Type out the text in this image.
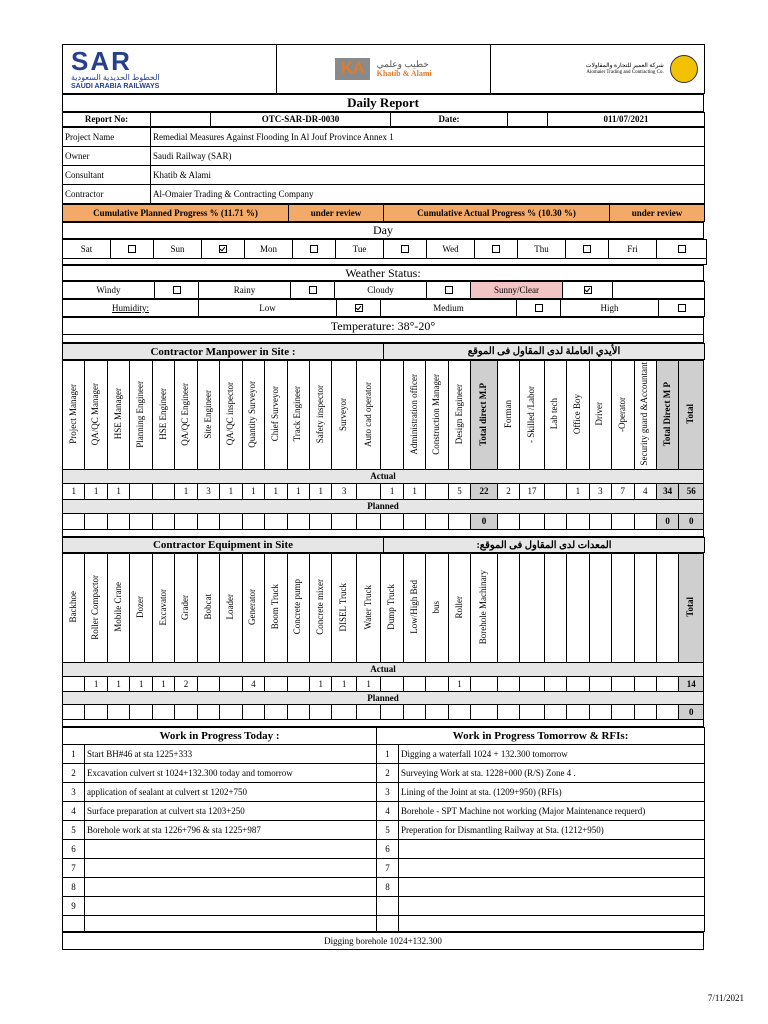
SAR
الخطوط الحديدية السعودية
SAUDI ARABIA RAILWAYS
	KA خطيب وعلمي
Khatib & Alami

شركة العمير للتجارة والمقاولات
Alomaier Trading and Contracting Co.

Daily Report
Report No:		OTC-SAR-DR-0030	Date:		011/07/2021
Project Name	Remedial Measures Against Flooding In Al Jouf Province Annex 1
Owner	Saudi Railway (SAR)
Consultant	Khatib & Alami
Contractor	Al-Omaier Trading & Contracting Company
Cumulative Planned Progress % (11.71 %)	under review	Cumulative Actual Progress % (10.30 %)	under review
Day
Sat		Sun		Mon		Tue		Wed		Thu		Fri	

Weather Status:
Windy		Rainy		Cloudy		Sunny/Clear		
Humidity:	Low		Medium		High	
Temperature: 38°-20°

Contractor Manpower in Site :	الأيدي العاملة لدى المقاول فى الموقع
Project Manager	QA/QC Manager	HSE Manager	Planning Engineer	HSE Engineer	QA/QC Engineer	Site Engineer	QA/QC inspector	Quantity Surveyor	Chief Surveyor	Track Engineer	Safety inspector	Surveyor	Auto cad operator		Administration officer	Construction Manager	Design Engineer	Total direct M.P	Forman	- Skilled /Labor	Lab tech	Office Boy	Driver	-Operator	Security guard &Accountant	Total Direct M P	Total
Actual																											
1	1	1			1	3	1	1	1	1	1	3		1	1		5	22	2	17		1	3	7	4	34	56
Planned																											
																		0								0	0

Contractor Equipment in Site	المعدات لدى المقاول فى الموقع:
Backhoe	Roller Compactor	Mobile Crane	Dozer	Excavator	Grader	Bobcat	Loader	Generator	Boom Truck	Concrete pump	Concrete mixer	DISEL Truck	Water Truck	Dump Truck	Low/High Bed	bus	Roller	Borehole Machinary									Total
Actual																											
	1	1	1	1	2			4			1	1	1				1										14
Planned																											
																											0

Work in Progress Today :		Work in Progress Tomorrow & RFIs:	
1	Start BH#46 at sta 1225+333	1	Digging a waterfall 1024 + 132.300 tomorrow
2	Excavation culvert st 1024+132.300 today and tomorrow	2	Surveying Work at sta. 1228+000 (R/S) Zone 4 .
3	application of sealant at culvert st 1202+750	3	Lining of the Joint at sta. (1209+950) (RFIs)
4	Surface preparation at culvert sta 1203+250	4	Borehole - SPT Machine not working (Major Maintenance requerd)
5	Borehole work at sta 1226+796 & sta 1225+987	5	Preperation for Dismantling Railway at Sta. (1212+950)
6		6	
7		7	
8		8	
9			

Digging borehole 1024+132.300
7/11/2021
